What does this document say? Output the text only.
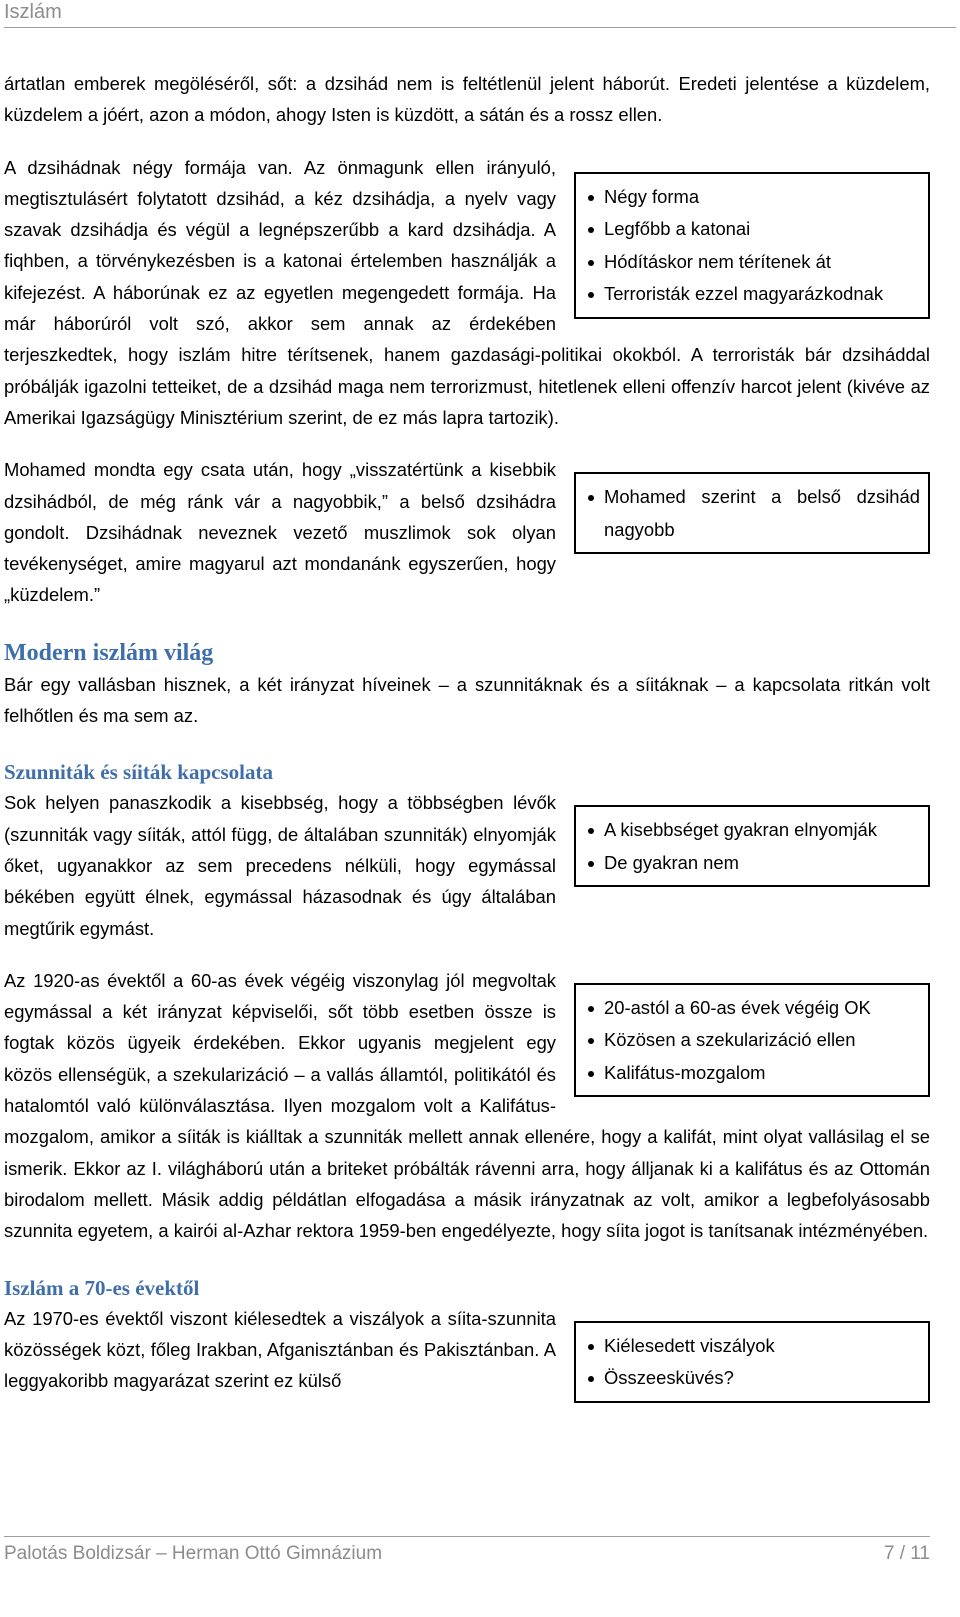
Iszlám

ártatlan emberek megöléséről, sőt: a dzsihád nem is feltétlenül jelent háborút. Eredeti jelentése a küzdelem, küzdelem a jóért, azon a módon, ahogy Isten is küzdött, a sátán és a rossz ellen.

Négy forma
Legfőbb a katonai
Hódításkor nem térítenek át
Terroristák ezzel magyarázkodnak

A dzsihádnak négy formája van. Az önmagunk ellen irányuló, megtisztulásért folytatott dzsihád, a kéz dzsihádja, a nyelv vagy szavak dzsihádja és végül a legnépszerűbb a kard dzsihádja. A fiqhben, a törvénykezésben is a katonai értelemben használják a kifejezést. A háborúnak ez az egyetlen megengedett formája. Ha már háborúról volt szó, akkor sem annak az érdekében terjeszkedtek, hogy iszlám hitre térítsenek, hanem gazdasági-politikai okokból. A terroristák bár dzsiháddal próbálják igazolni tetteiket, de a dzsihád maga nem terrorizmust, hitetlenek elleni offenzív harcot jelent (kivéve az Amerikai Igazságügy Minisztérium szerint, de ez más lapra tartozik).

Mohamed szerint a belső dzsihád nagyobb

Mohamed mondta egy csata után, hogy „visszatértünk a kisebbik dzsihádból, de még ránk vár a nagyobbik,” a belső dzsihádra gondolt. Dzsihádnak neveznek vezető muszlimok sok olyan tevékenységet, amire magyarul azt mondanánk egyszerűen, hogy „küzdelem.”

Modern iszlám világ

Bár egy vallásban hisznek, a két irányzat híveinek – a szunnitáknak és a síitáknak – a kapcsolata ritkán volt felhőtlen és ma sem az.

Szunniták és síiták kapcsolata
A kisebbséget gyakran elnyomják
De gyakran nem

Sok helyen panaszkodik a kisebbség, hogy a többségben lévők (szunniták vagy síiták, attól függ, de általában szunniták) elnyomják őket, ugyanakkor az sem precedens nélküli, hogy egymással békében együtt élnek, egymással házasodnak és úgy általában megtűrik egymást.

20-astól a 60-as évek végéig OK
Közösen a szekularizáció ellen
Kalifátus-mozgalom

Az 1920-as évektől a 60-as évek végéig viszonylag jól megvoltak egymással a két irányzat képviselői, sőt több esetben össze is fogtak közös ügyeik érdekében. Ekkor ugyanis megjelent egy közös ellenségük, a szekularizáció – a vallás államtól, politikától és hatalomtól való különválasztása. Ilyen mozgalom volt a Kalifátus-mozgalom, amikor a síiták is kiálltak a szunniták mellett annak ellenére, hogy a kalifát, mint olyat vallásilag el se ismerik. Ekkor az I. világháború után a briteket próbálták rávenni arra, hogy álljanak ki a kalifátus és az Ottomán birodalom mellett. Másik addig példátlan elfogadása a másik irányzatnak az volt, amikor a legbefolyásosabb szunnita egyetem, a kairói al-Azhar rektora 1959-ben engedélyezte, hogy síita jogot is tanítsanak intézményében.

Iszlám a 70-es évektől
Kiélesedett viszályok
Összeesküvés?

Az 1970-es évektől viszont kiélesedtek a viszályok a síita-szunnita közösségek közt, főleg Irakban, Afganisztánban és Pakisztánban. A leggyakoribb magyarázat szerint ez külső

Palotás Boldizsár – Herman Ottó Gimnázium	7 / 11
